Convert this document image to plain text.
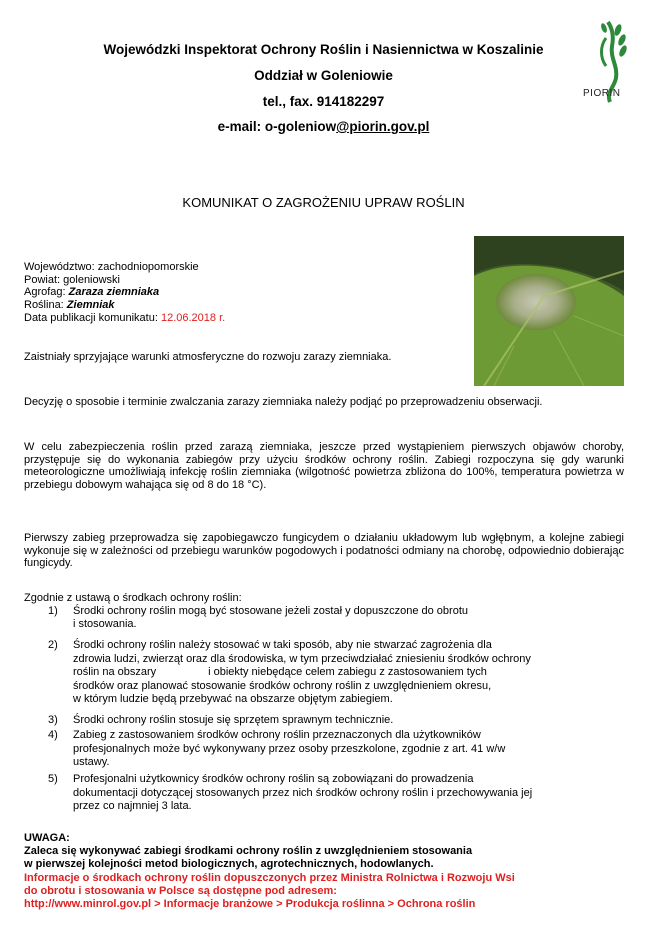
Wojewódzki Inspektorat Ochrony Roślin i Nasiennictwa w Koszalinie
Oddział w Goleniowie
tel., fax. 914182297
e-mail: o-goleniow@piorin.gov.pl
PIORIN
KOMUNIKAT O ZAGROŻENIU UPRAW ROŚLIN
Województwo: zachodniopomorskie
Powiat: goleniowski
Agrofag: Zaraza ziemniaka
Roślina: Ziemniak
Data publikacji komunikatu: 12.06.2018 r.
Zaistniały sprzyjające warunki atmosferyczne do rozwoju zarazy ziemniaka.
Decyzję o sposobie i terminie zwalczania zarazy ziemniaka należy podjąć po przeprowadzeniu obserwacji.
W celu zabezpieczenia roślin przed zarazą ziemniaka, jeszcze przed wystąpieniem pierwszych objawów choroby, przystępuje się do wykonania zabiegów przy użyciu środków ochrony roślin. Zabiegi rozpoczyna się gdy warunki meteorologiczne umożliwiają infekcję roślin ziemniaka (wilgotność powietrza zbliżona do 100%, temperatura powietrza w przebiegu dobowym wahająca się od 8 do 18 °C).
Pierwszy zabieg przeprowadza się zapobiegawczo fungicydem o działaniu układowym lub wgłębnym, a kolejne zabiegi wykonuje się w zależności od przebiegu warunków pogodowych i podatności odmiany na chorobę, odpowiednio dobierając fungicydy.
Zgodnie z ustawą o środkach ochrony roślin:
1) Środki ochrony roślin mogą być stosowane jeżeli został y dopuszczone do obrotu
i stosowania.
2) Środki ochrony roślin należy stosować w taki sposób, aby nie stwarzać zagrożenia dla
zdrowia ludzi, zwierząt oraz dla środowiska, w tym przeciwdziałać zniesieniu środków ochrony
roślin na obszary                 i obiekty niebędące celem zabiegu z zastosowaniem tych
środków oraz planować stosowanie środków ochrony roślin z uwzględnieniem okresu,
w którym ludzie będą przebywać na obszarze objętym zabiegiem.
3) Środki ochrony roślin stosuje się sprzętem sprawnym technicznie.
4) Zabieg z zastosowaniem środków ochrony roślin przeznaczonych dla użytkowników
profesjonalnych może być wykonywany przez osoby przeszkolone, zgodnie z art. 41 w/w
ustawy.
5) Profesjonalni użytkownicy środków ochrony roślin są zobowiązani do prowadzenia
dokumentacji dotyczącej stosowanych przez nich środków ochrony roślin i przechowywania jej
przez co najmniej 3 lata.
UWAGA:
Zaleca się wykonywać zabiegi środkami ochrony roślin z uwzględnieniem stosowania
w pierwszej kolejności metod biologicznych, agrotechnicznych, hodowlanych.
Informacje o środkach ochrony roślin dopuszczonych przez Ministra Rolnictwa i Rozwoju Wsi
do obrotu i stosowania w Polsce są dostępne pod adresem:
http://www.minrol.gov.pl > Informacje branżowe > Produkcja roślinna > Ochrona roślin
